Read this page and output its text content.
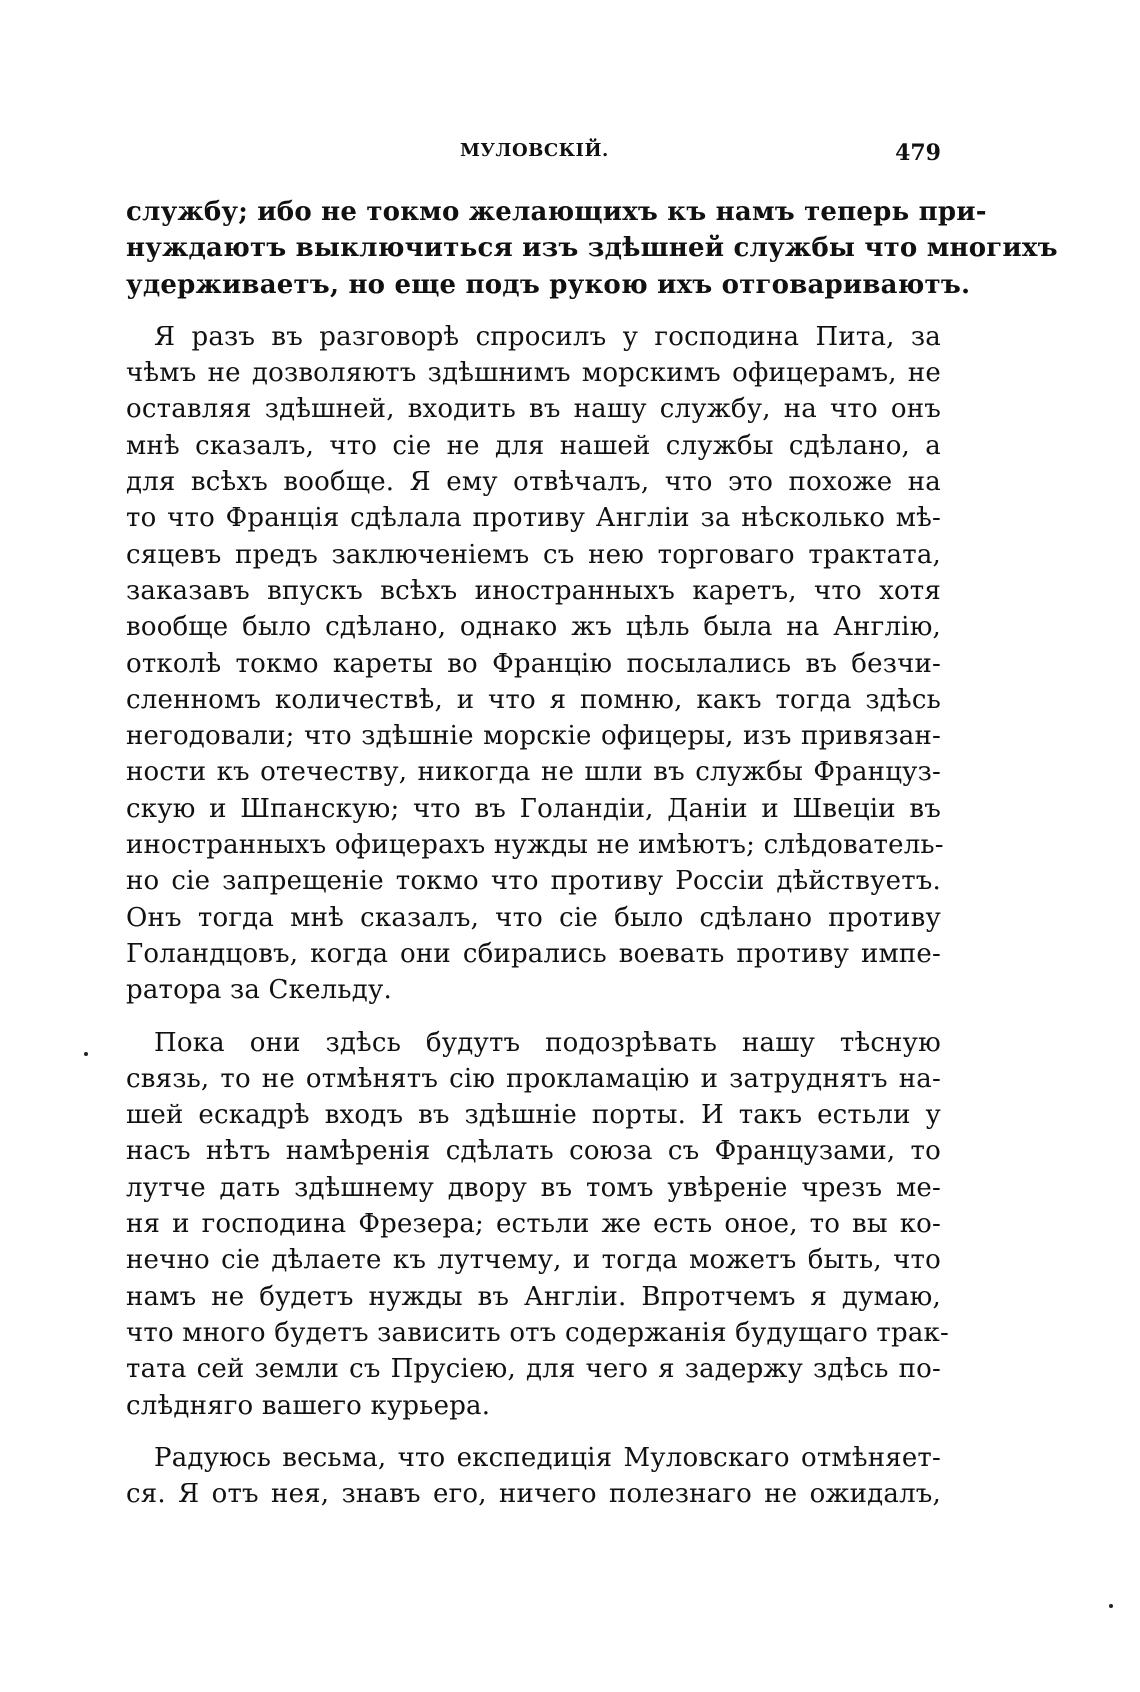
МУЛОВСКІЙ.	479
службу; ибо не токмо желающихъ къ намъ теперь при-
нуждаютъ выключиться изъ здѣшней службы что многихъ
удерживаетъ, но еще подъ рукою ихъ отговариваютъ.
Я разъ въ разговорѣ спросилъ у господина Пита, за
чѣмъ не дозволяютъ здѣшнимъ морскимъ офицерамъ, не
оставляя здѣшней, входить въ нашу службу, на что онъ
мнѣ сказалъ, что сіе не для нашей службы сдѣлано, а
для всѣхъ вообще. Я ему отвѣчалъ, что это похоже на
то что Франція сдѣлала противу Англіи за нѣсколько мѣ-
сяцевъ предъ заключеніемъ съ нею торговаго трактата,
заказавъ впускъ всѣхъ иностранныхъ каретъ, что хотя
вообще было сдѣлано, однако жъ цѣль была на Англію,
отколѣ токмо кареты во Францію посылались въ безчи-
сленномъ количествѣ, и что я помню, какъ тогда здѣсь
негодовали; что здѣшніе морскіе офицеры, изъ привязан-
ности къ отечеству, никогда не шли въ службы Француз-
скую и Шпанскую; что въ Голандіи, Даніи и Швеціи въ
иностранныхъ офицерахъ нужды не имѣютъ; слѣдователь-
но сіе запрещеніе токмо что противу Россіи дѣйствуетъ.
Онъ тогда мнѣ сказалъ, что сіе было сдѣлано противу
Голандцовъ, когда они сбирались воевать противу импе-
ратора за Скельду.
Пока они здѣсь будутъ подозрѣвать нашу тѣсную
связь, то не отмѣнятъ сію прокламацію и затруднятъ на-
шей ескадрѣ входъ въ здѣшніе порты. И такъ естьли у
насъ нѣтъ намѣренія сдѣлать союза съ Французами, то
лутче дать здѣшнему двору въ томъ увѣреніе чрезъ ме-
ня и господина Фрезера; естьли же есть оное, то вы ко-
нечно сіе дѣлаете къ лутчему, и тогда можетъ быть, что
намъ не будетъ нужды въ Англіи. Впротчемъ я думаю,
что много будетъ зависить отъ содержанія будущаго трак-
тата сей земли съ Прусіею, для чего я задержу здѣсь по-
слѣдняго вашего курьера.
Радуюсь весьма, что експедиція Муловскаго отмѣняет-
ся. Я отъ нея, знавъ его, ничего полезнаго не ожидалъ,
